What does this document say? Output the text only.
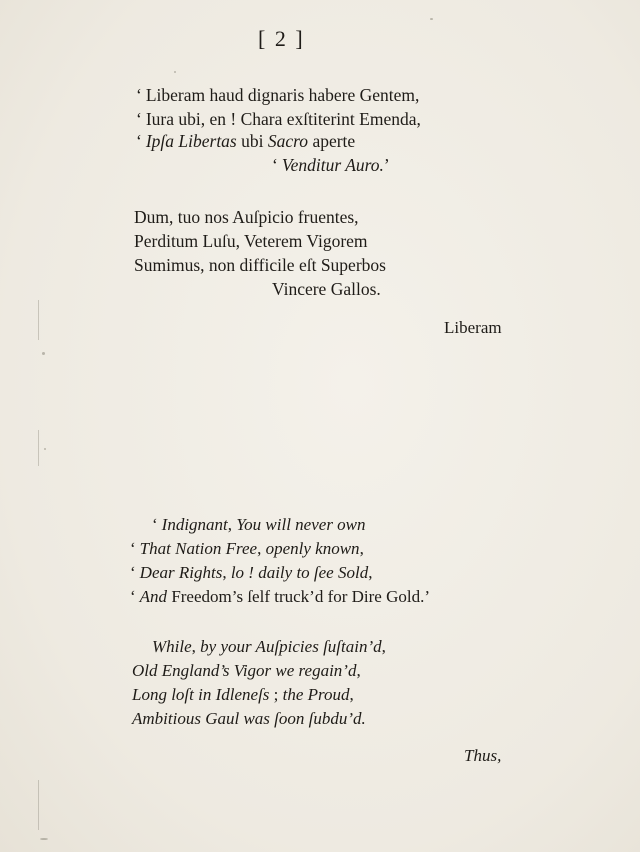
[ 2 ]
‘ Liberam haud dignaris habere Gentem,
‘ Iura ubi, en ! Chara exſtiterint Emenda,
‘ Ipſa Libertas ubi Sacro aperte
‘ Venditur Auro.’
Dum, tuo nos Auſpicio fruentes,
Perditum Luſu, Veterem Vigorem
Sumimus, non difficile eſt Superbos
Vincere Gallos.
Liberam
‘ Indignant, You will never own
‘ That Nation Free, openly known,
‘ Dear Rights, lo ! daily to ſee Sold,
‘ And Freedom’s ſelf truck’d for Dire Gold.’
While, by your Auſpicies ſuſtain’d,
Old England’s Vigor we regain’d,
Long loſt in Idleneſs ; the Proud,
Ambitious Gaul was ſoon ſubdu’d.
Thus,
